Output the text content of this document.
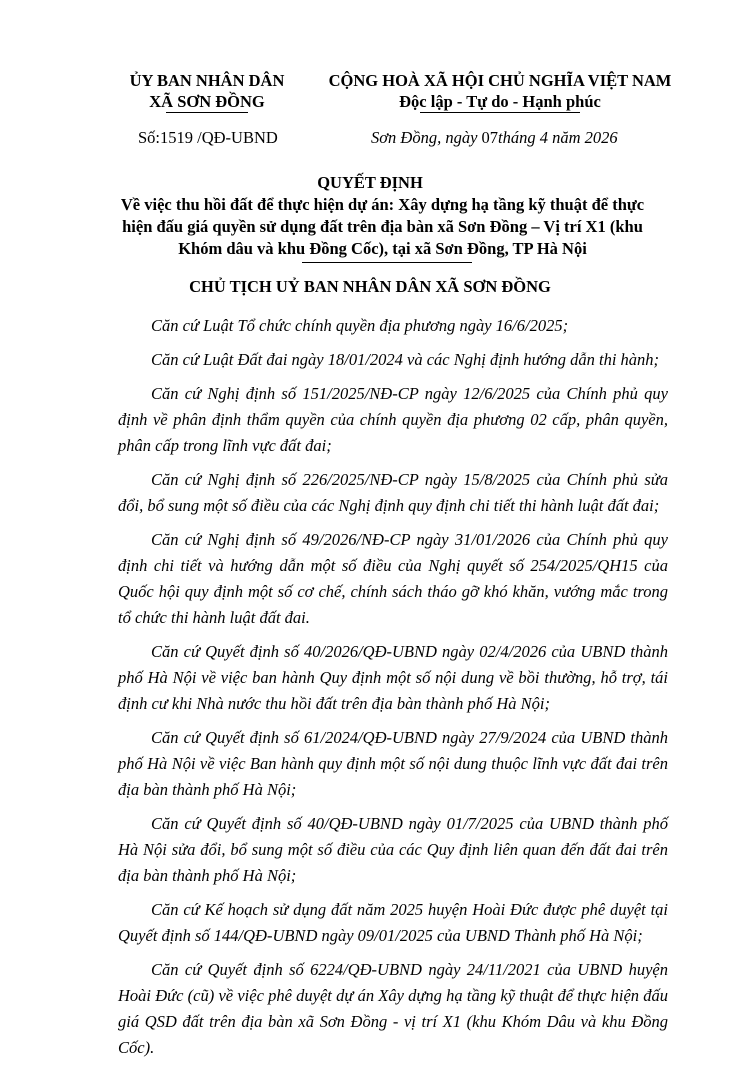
ỦY BAN NHÂN DÂN
XÃ SƠN ĐỒNG
CỘNG HOÀ XÃ HỘI CHỦ NGHĨA VIỆT NAM
Độc lập - Tự do - Hạnh phúc
Số:1519 /QĐ-UBND	Sơn Đồng, ngày 07tháng 4 năm 2026
QUYẾT ĐỊNH
Về việc thu hồi đất để thực hiện dự án: Xây dựng hạ tầng kỹ thuật để thực hiện đấu giá quyền sử dụng đất trên địa bàn xã Sơn Đồng – Vị trí X1 (khu Khóm dâu và khu Đồng Cốc), tại xã Sơn Đồng, TP Hà Nội
CHỦ TỊCH UỶ BAN NHÂN DÂN XÃ SƠN ĐỒNG

Căn cứ Luật Tổ chức chính quyền địa phương ngày 16/6/2025;

Căn cứ Luật Đất đai ngày 18/01/2024 và các Nghị định hướng dẫn thi hành;

Căn cứ Nghị định số 151/2025/NĐ-CP ngày 12/6/2025 của Chính phủ quy định về phân định thẩm quyền của chính quyền địa phương 02 cấp, phân quyền, phân cấp trong lĩnh vực đất đai;

Căn cứ Nghị định số 226/2025/NĐ-CP ngày 15/8/2025 của Chính phủ sửa đổi, bổ sung một số điều của các Nghị định quy định chi tiết thi hành luật đất đai;

Căn cứ Nghị định số 49/2026/NĐ-CP ngày 31/01/2026 của Chính phủ quy định chi tiết và hướng dẫn một số điều của Nghị quyết số 254/2025/QH15 của Quốc hội quy định một số cơ chế, chính sách tháo gỡ khó khăn, vướng mắc trong tổ chức thi hành luật đất đai.

Căn cứ Quyết định số 40/2026/QĐ-UBND ngày 02/4/2026 của UBND thành phố Hà Nội về việc ban hành Quy định một số nội dung về bồi thường, hỗ trợ, tái định cư khi Nhà nước thu hồi đất trên địa bàn thành phố Hà Nội;

Căn cứ Quyết định số 61/2024/QĐ-UBND ngày 27/9/2024 của UBND thành phố Hà Nội về việc Ban hành quy định một số nội dung thuộc lĩnh vực đất đai trên địa bàn thành phố Hà Nội;

Căn cứ Quyết định số 40/QĐ-UBND ngày 01/7/2025 của UBND thành phố Hà Nội sửa đổi, bổ sung một số điều của các Quy định liên quan đến đất đai trên địa bàn thành phố Hà Nội;

Căn cứ Kế hoạch sử dụng đất năm 2025 huyện Hoài Đức được phê duyệt tại Quyết định số 144/QĐ-UBND ngày 09/01/2025 của UBND Thành phố Hà Nội;

Căn cứ Quyết định số 6224/QĐ-UBND ngày 24/11/2021 của UBND huyện Hoài Đức (cũ) về việc phê duyệt dự án Xây dựng hạ tầng kỹ thuật để thực hiện đấu giá QSD đất trên địa bàn xã Sơn Đồng - vị trí X1 (khu Khóm Dâu và khu Đồng Cốc).
